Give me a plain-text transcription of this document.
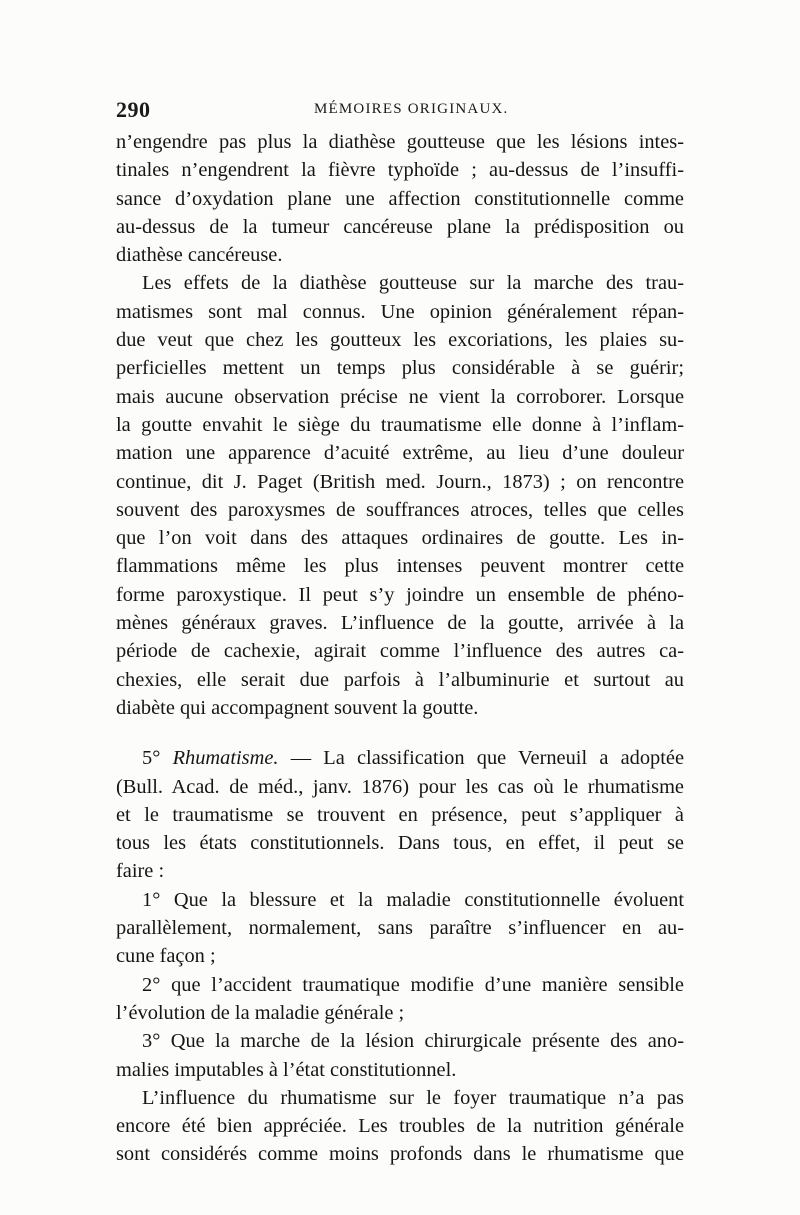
290	MÉMOIRES ORIGINAUX.
n’engendre pas plus la diathèse goutteuse que les lésions intes-
tinales n’engendrent la fièvre typhoïde ; au-dessus de l’insuffi-
sance d’oxydation plane une affection constitutionnelle comme
au-dessus de la tumeur cancéreuse plane la prédisposition ou
diathèse cancéreuse.
Les effets de la diathèse goutteuse sur la marche des trau-
matismes sont mal connus. Une opinion généralement répan-
due veut que chez les goutteux les excoriations, les plaies su-
perficielles mettent un temps plus considérable à se guérir;
mais aucune observation précise ne vient la corroborer. Lorsque
la goutte envahit le siège du traumatisme elle donne à l’inflam-
mation une apparence d’acuité extrême, au lieu d’une douleur
continue, dit J. Paget (British med. Journ., 1873) ; on rencontre
souvent des paroxysmes de souffrances atroces, telles que celles
que l’on voit dans des attaques ordinaires de goutte. Les in-
flammations même les plus intenses peuvent montrer cette
forme paroxystique. Il peut s’y joindre un ensemble de phéno-
mènes généraux graves. L’influence de la goutte, arrivée à la
période de cachexie, agirait comme l’influence des autres ca-
chexies, elle serait due parfois à l’albuminurie et surtout au
diabète qui accompagnent souvent la goutte.
5° Rhumatisme. — La classification que Verneuil a adoptée
(Bull. Acad. de méd., janv. 1876) pour les cas où le rhumatisme
et le traumatisme se trouvent en présence, peut s’appliquer à
tous les états constitutionnels. Dans tous, en effet, il peut se
faire :
1° Que la blessure et la maladie constitutionnelle évoluent
parallèlement, normalement, sans paraître s’influencer en au-
cune façon ;
2° que l’accident traumatique modifie d’une manière sensible
l’évolution de la maladie générale ;
3° Que la marche de la lésion chirurgicale présente des ano-
malies imputables à l’état constitutionnel.
L’influence du rhumatisme sur le foyer traumatique n’a pas
encore été bien appréciée. Les troubles de la nutrition générale
sont considérés comme moins profonds dans le rhumatisme que
